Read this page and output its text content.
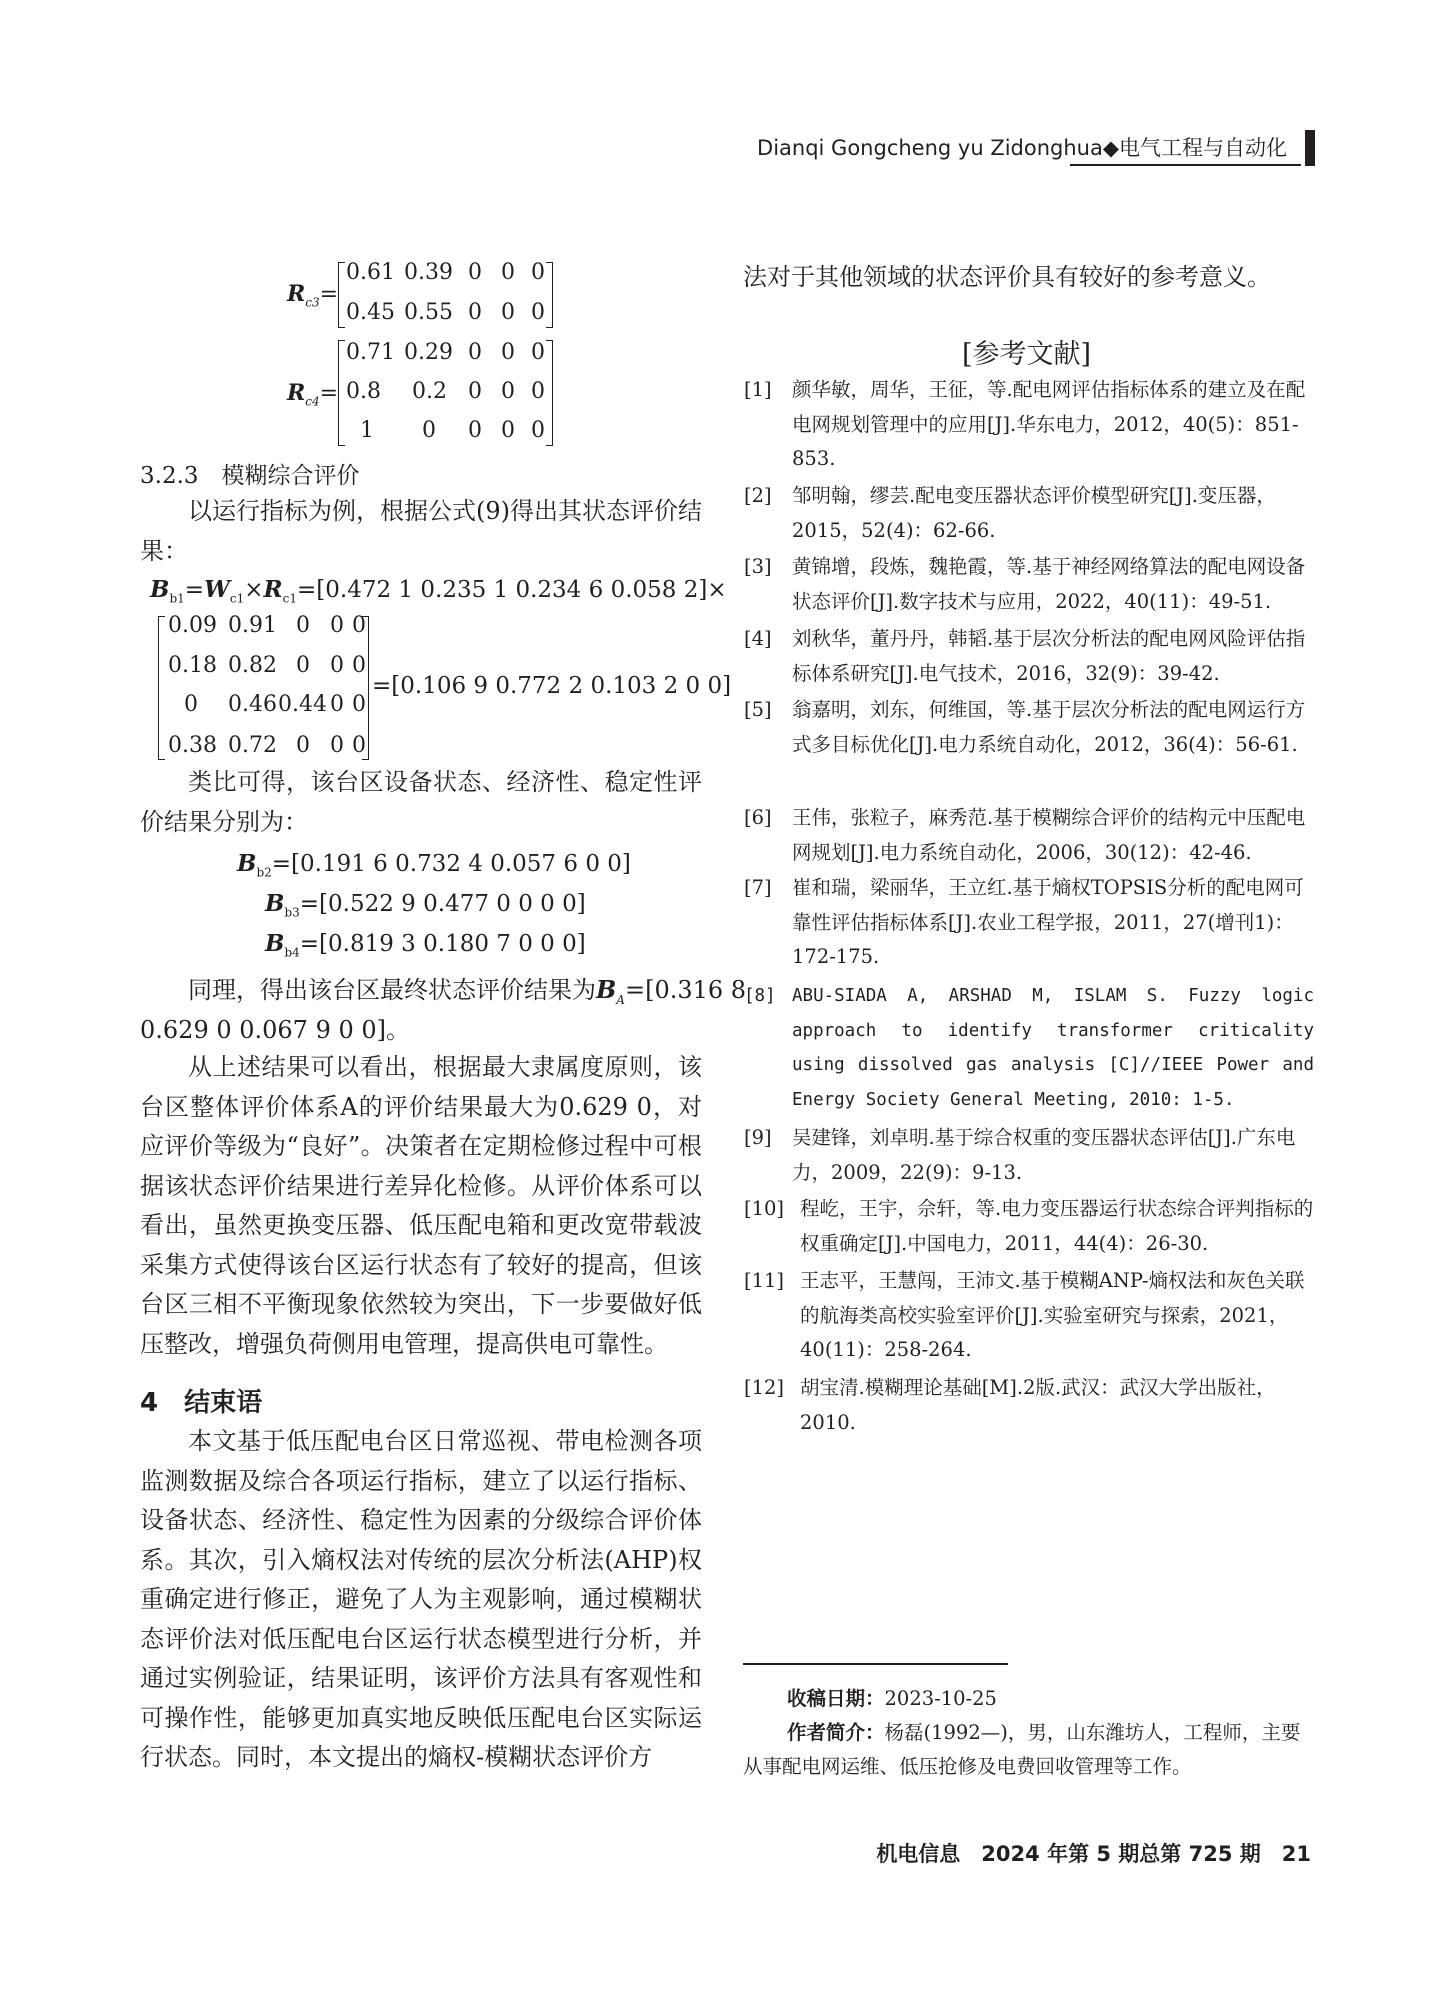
Dianqi Gongcheng yu Zidonghua◆电气工程与自动化
$R_{c3}=$
0.61 0.39 0 0 0
0.45 0.55 0 0 0
$R_{c4}=$
0.71 0.29 0 0 0
0.8 0.2 0 0 0
1 0 0 0 0
3.2.3　模糊综合评价
以运行指标为例，根据公式(9)得出其状态评价结果：
$B_{b1}=W_{c1}\times R_{c1}=[0.472$ 1 0.235 1 0.234 6 0.058 2]×
0.09 0.91 0 0 0
0.18 0.82 0 0 0
0 0.46 0.44 0 0
0.38 0.72 0 0 0
=[0.106 9 0.772 2 0.103 2 0 0]
类比可得，该台区设备状态、经济性、稳定性评价结果分别为：
$B_{b2}=[0.191$ 6 0.732 4 0.057 6 0 0]
$B_{b3}=[0.522$ 9 0.477 0 0 0 0]
$B_{b4}=[0.819$ 3 0.180 7 0 0 0]
同理，得出该台区最终状态评价结果为$B_A=[0.316$ 8
0.629 0 0.067 9 0 0]。
从上述结果可以看出，根据最大隶属度原则，该台区整体评价体系A的评价结果最大为0.629 0，对应评价等级为“良好”。决策者在定期检修过程中可根据该状态评价结果进行差异化检修。从评价体系可以看出，虽然更换变压器、低压配电箱和更改宽带载波采集方式使得该台区运行状态有了较好的提高，但该台区三相不平衡现象依然较为突出，下一步要做好低压整改，增强负荷侧用电管理，提高供电可靠性。
4　结束语
本文基于低压配电台区日常巡视、带电检测各项监测数据及综合各项运行指标，建立了以运行指标、设备状态、经济性、稳定性为因素的分级综合评价体系。其次，引入熵权法对传统的层次分析法(AHP)权重确定进行修正，避免了人为主观影响，通过模糊状态评价法对低压配电台区运行状态模型进行分析，并通过实例验证，结果证明，该评价方法具有客观性和可操作性，能够更加真实地反映低压配电台区实际运行状态。同时，本文提出的熵权-模糊状态评价方
法对于其他领域的状态评价具有较好的参考意义。
[参考文献]
[1] 颜华敏，周华，王征，等.配电网评估指标体系的建立及在配电网规划管理中的应用[J].华东电力，2012，40(5)：851-853.
[2] 邹明翰，缪芸.配电变压器状态评价模型研究[J].变压器，2015，52(4)：62-66.
[3] 黄锦增，段炼，魏艳霞，等.基于神经网络算法的配电网设备状态评价[J].数字技术与应用，2022，40(11)：49-51.
[4] 刘秋华，董丹丹，韩韬.基于层次分析法的配电网风险评估指标体系研究[J].电气技术，2016，32(9)：39-42.
[5] 翁嘉明，刘东，何维国，等.基于层次分析法的配电网运行方式多目标优化[J].电力系统自动化，2012，36(4)：56-61.
[6] 王伟，张粒子，麻秀范.基于模糊综合评价的结构元中压配电网规划[J].电力系统自动化，2006，30(12)：42-46.
[7] 崔和瑞，梁丽华，王立红.基于熵权TOPSIS分析的配电网可靠性评估指标体系[J].农业工程学报，2011，27(增刊1)：172-175.
[8] ABU-SIADA A, ARSHAD M, ISLAM S. Fuzzy logic approach to identify transformer criticality using dissolved gas analysis [C]//IEEE Power and Energy Society General Meeting, 2010: 1-5.
[9] 吴建锋，刘卓明.基于综合权重的变压器状态评估[J].广东电力，2009，22(9)：9-13.
[10] 程屹，王宇，佘轩，等.电力变压器运行状态综合评判指标的权重确定[J].中国电力，2011，44(4)：26-30.
[11] 王志平，王慧闯，王沛文.基于模糊ANP-熵权法和灰色关联的航海类高校实验室评价[J].实验室研究与探索，2021，40(11)：258-264.
[12] 胡宝清.模糊理论基础[M].2版.武汉：武汉大学出版社，2010.
收稿日期：2023-10-25
作者简介：杨磊(1992—)，男，山东潍坊人，工程师，主要从事配电网运维、低压抢修及电费回收管理等工作。
机电信息　2024 年第 5 期总第 725 期　21
